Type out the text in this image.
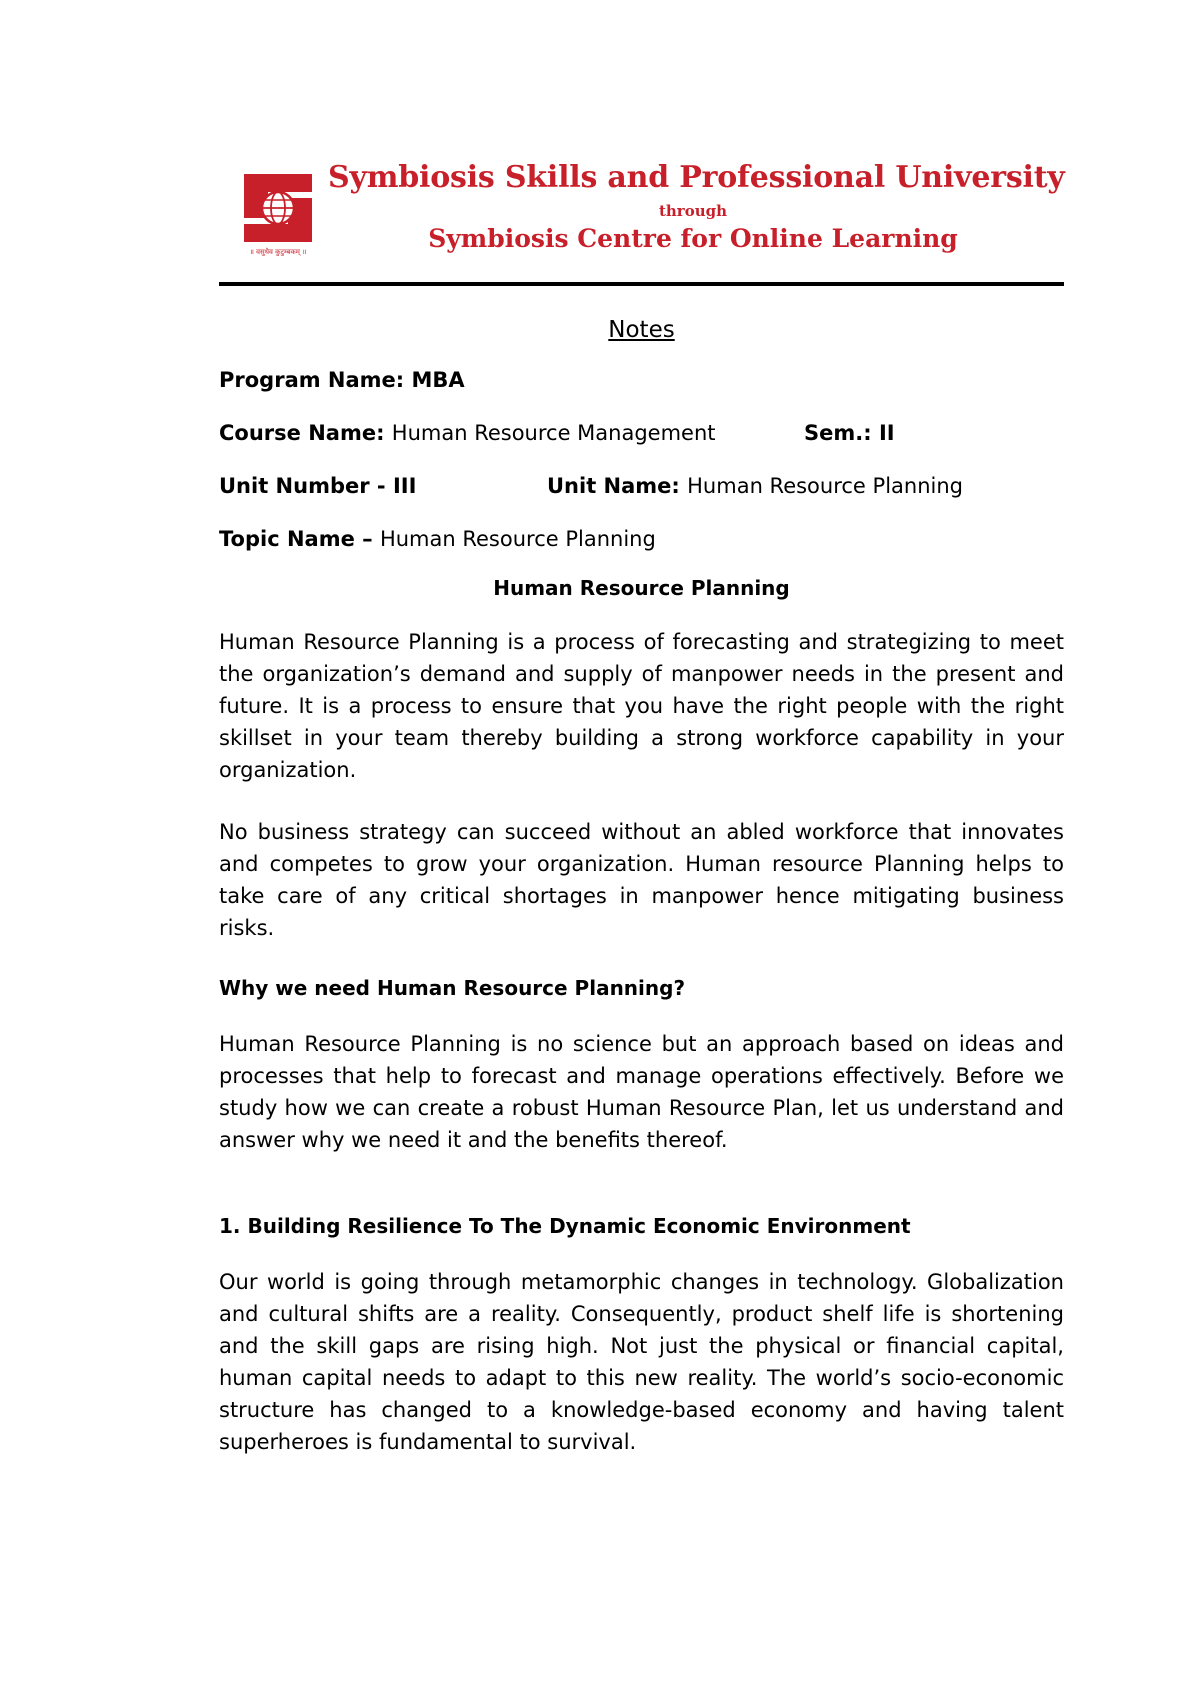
॥ वसुधैव कुटुम्बकम् ॥
Symbiosis Skills and Professional University
through
Symbiosis Centre for Online Learning
Notes
Program Name: MBA
Course Name: Human Resource Management	Sem.: II
Unit Number - III	Unit Name: Human Resource Planning
Topic Name – Human Resource Planning
Human Resource Planning

Human Resource Planning is a process of forecasting and strategizing to meet the organization’s demand and supply of manpower needs in the present and future. It is a process to ensure that you have the right people with the right skillset in your team thereby building a strong workforce capability in your organization.

No business strategy can succeed without an abled workforce that innovates and competes to grow your organization. Human resource Planning helps to take care of any critical shortages in manpower hence mitigating business risks.

Why we need Human Resource Planning?

Human Resource Planning is no science but an approach based on ideas and processes that help to forecast and manage operations effectively. Before we study how we can create a robust Human Resource Plan, let us understand and answer why we need it and the benefits thereof.

1. Building Resilience To The Dynamic Economic Environment

Our world is going through metamorphic changes in technology. Globalization and cultural shifts are a reality. Consequently, product shelf life is shortening and the skill gaps are rising high. Not just the physical or financial capital, human capital needs to adapt to this new reality. The world’s socio-economic structure has changed to a knowledge-based economy and having talent superheroes is fundamental to survival.
